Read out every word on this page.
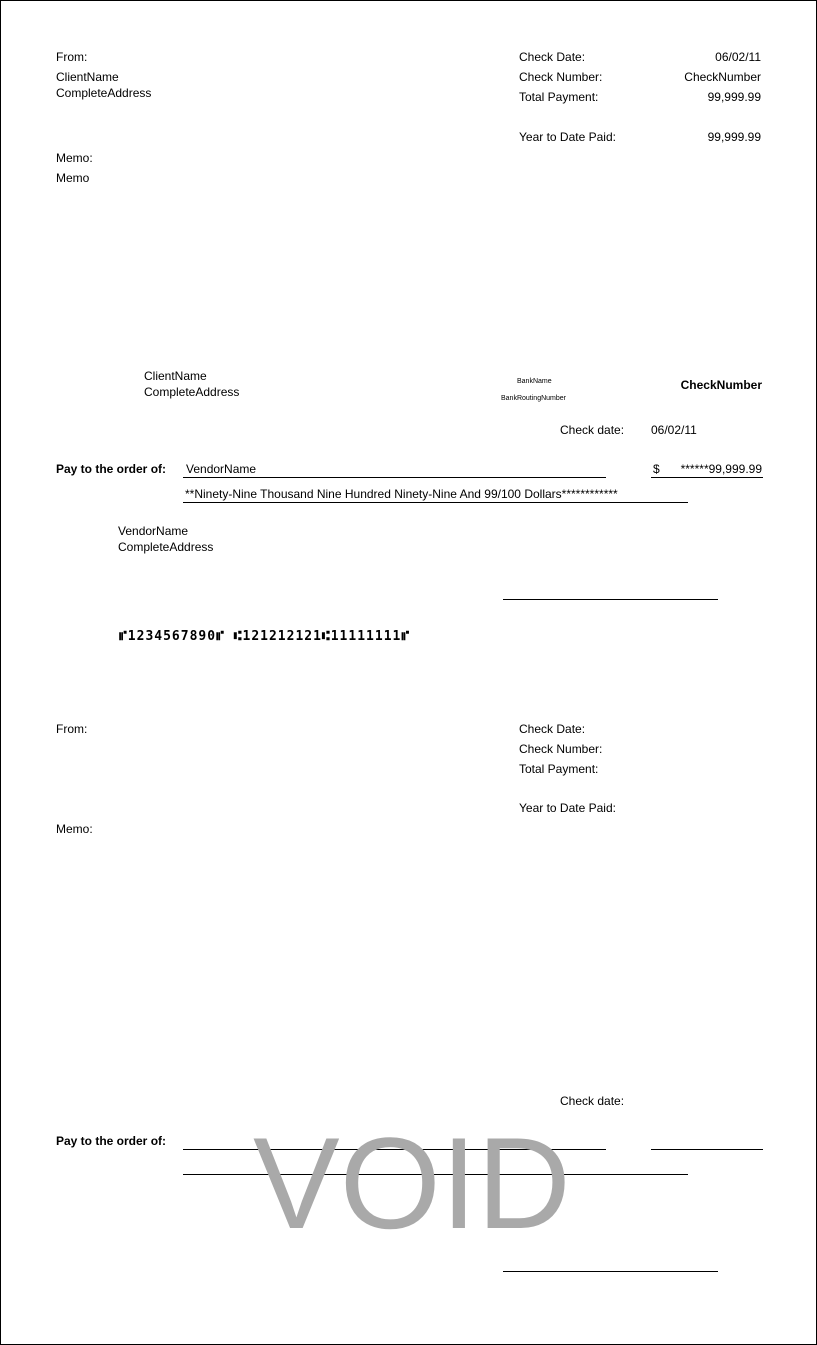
From:
ClientName
CompleteAddress
Memo:
Memo
Check Date:	06/02/11
Check Number:	CheckNumber
Total Payment:	99,999.99
Year to Date Paid:	99,999.99
ClientName
CompleteAddress
BankName
BankRoutingNumber
CheckNumber
Check date: 06/02/11
Pay to the order of: VendorName	$	******99,999.99
**Ninety-Nine Thousand Nine Hundred Ninety-Nine And 99/100 Dollars************
VendorName
CompleteAddress
⑈1234567890⑈ ⑆121212121⑆11111111⑈
From:
Memo:
Check Date:
Check Number:
Total Payment:
Year to Date Paid:
Check date:
Pay to the order of: VOID
